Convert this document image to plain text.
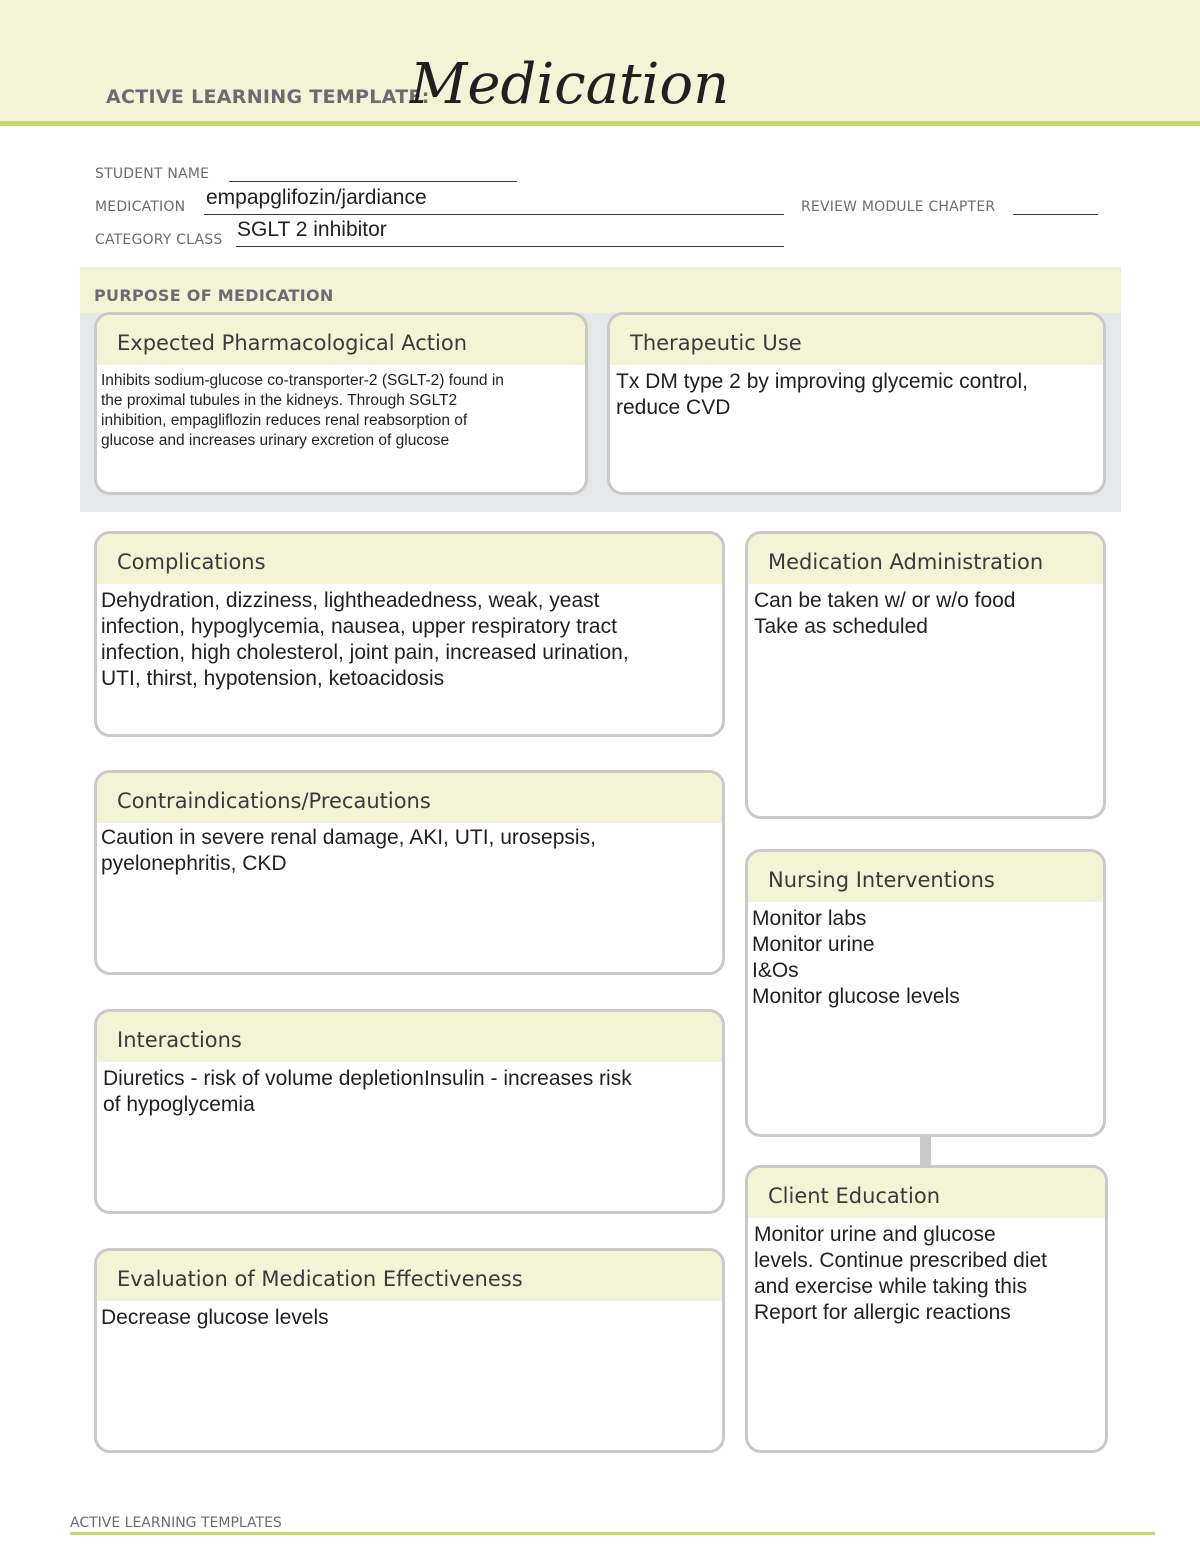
ACTIVE LEARNING TEMPLATE:
Medication
STUDENT NAME
MEDICATION empapglifozin/jardiance	REVIEW MODULE CHAPTER
CATEGORY CLASS SGLT 2 inhibitor
PURPOSE OF MEDICATION
Expected Pharmacological Action
Inhibits sodium-glucose co-transporter-2 (SGLT-2) found in
the proximal tubules in the kidneys. Through SGLT2
inhibition, empagliflozin reduces renal reabsorption of
glucose and increases urinary excretion of glucose
Therapeutic Use
Tx DM type 2 by improving glycemic control,
reduce CVD
Complications
Dehydration, dizziness, lightheadedness, weak, yeast
infection, hypoglycemia, nausea, upper respiratory tract
infection, high cholesterol, joint pain, increased urination,
UTI, thirst, hypotension, ketoacidosis
Contraindications/Precautions
Caution in severe renal damage, AKI, UTI, urosepsis,
pyelonephritis, CKD
Interactions
Diuretics - risk of volume depletionInsulin - increases risk
of hypoglycemia
Evaluation of Medication Effectiveness
Decrease glucose levels
Medication Administration
Can be taken w/ or w/o food
Take as scheduled
Nursing Interventions
Monitor labs
Monitor urine
I&Os
Monitor glucose levels
Client Education
Monitor urine and glucose
levels. Continue prescribed diet
and exercise while taking this
Report for allergic reactions
ACTIVE LEARNING TEMPLATES
